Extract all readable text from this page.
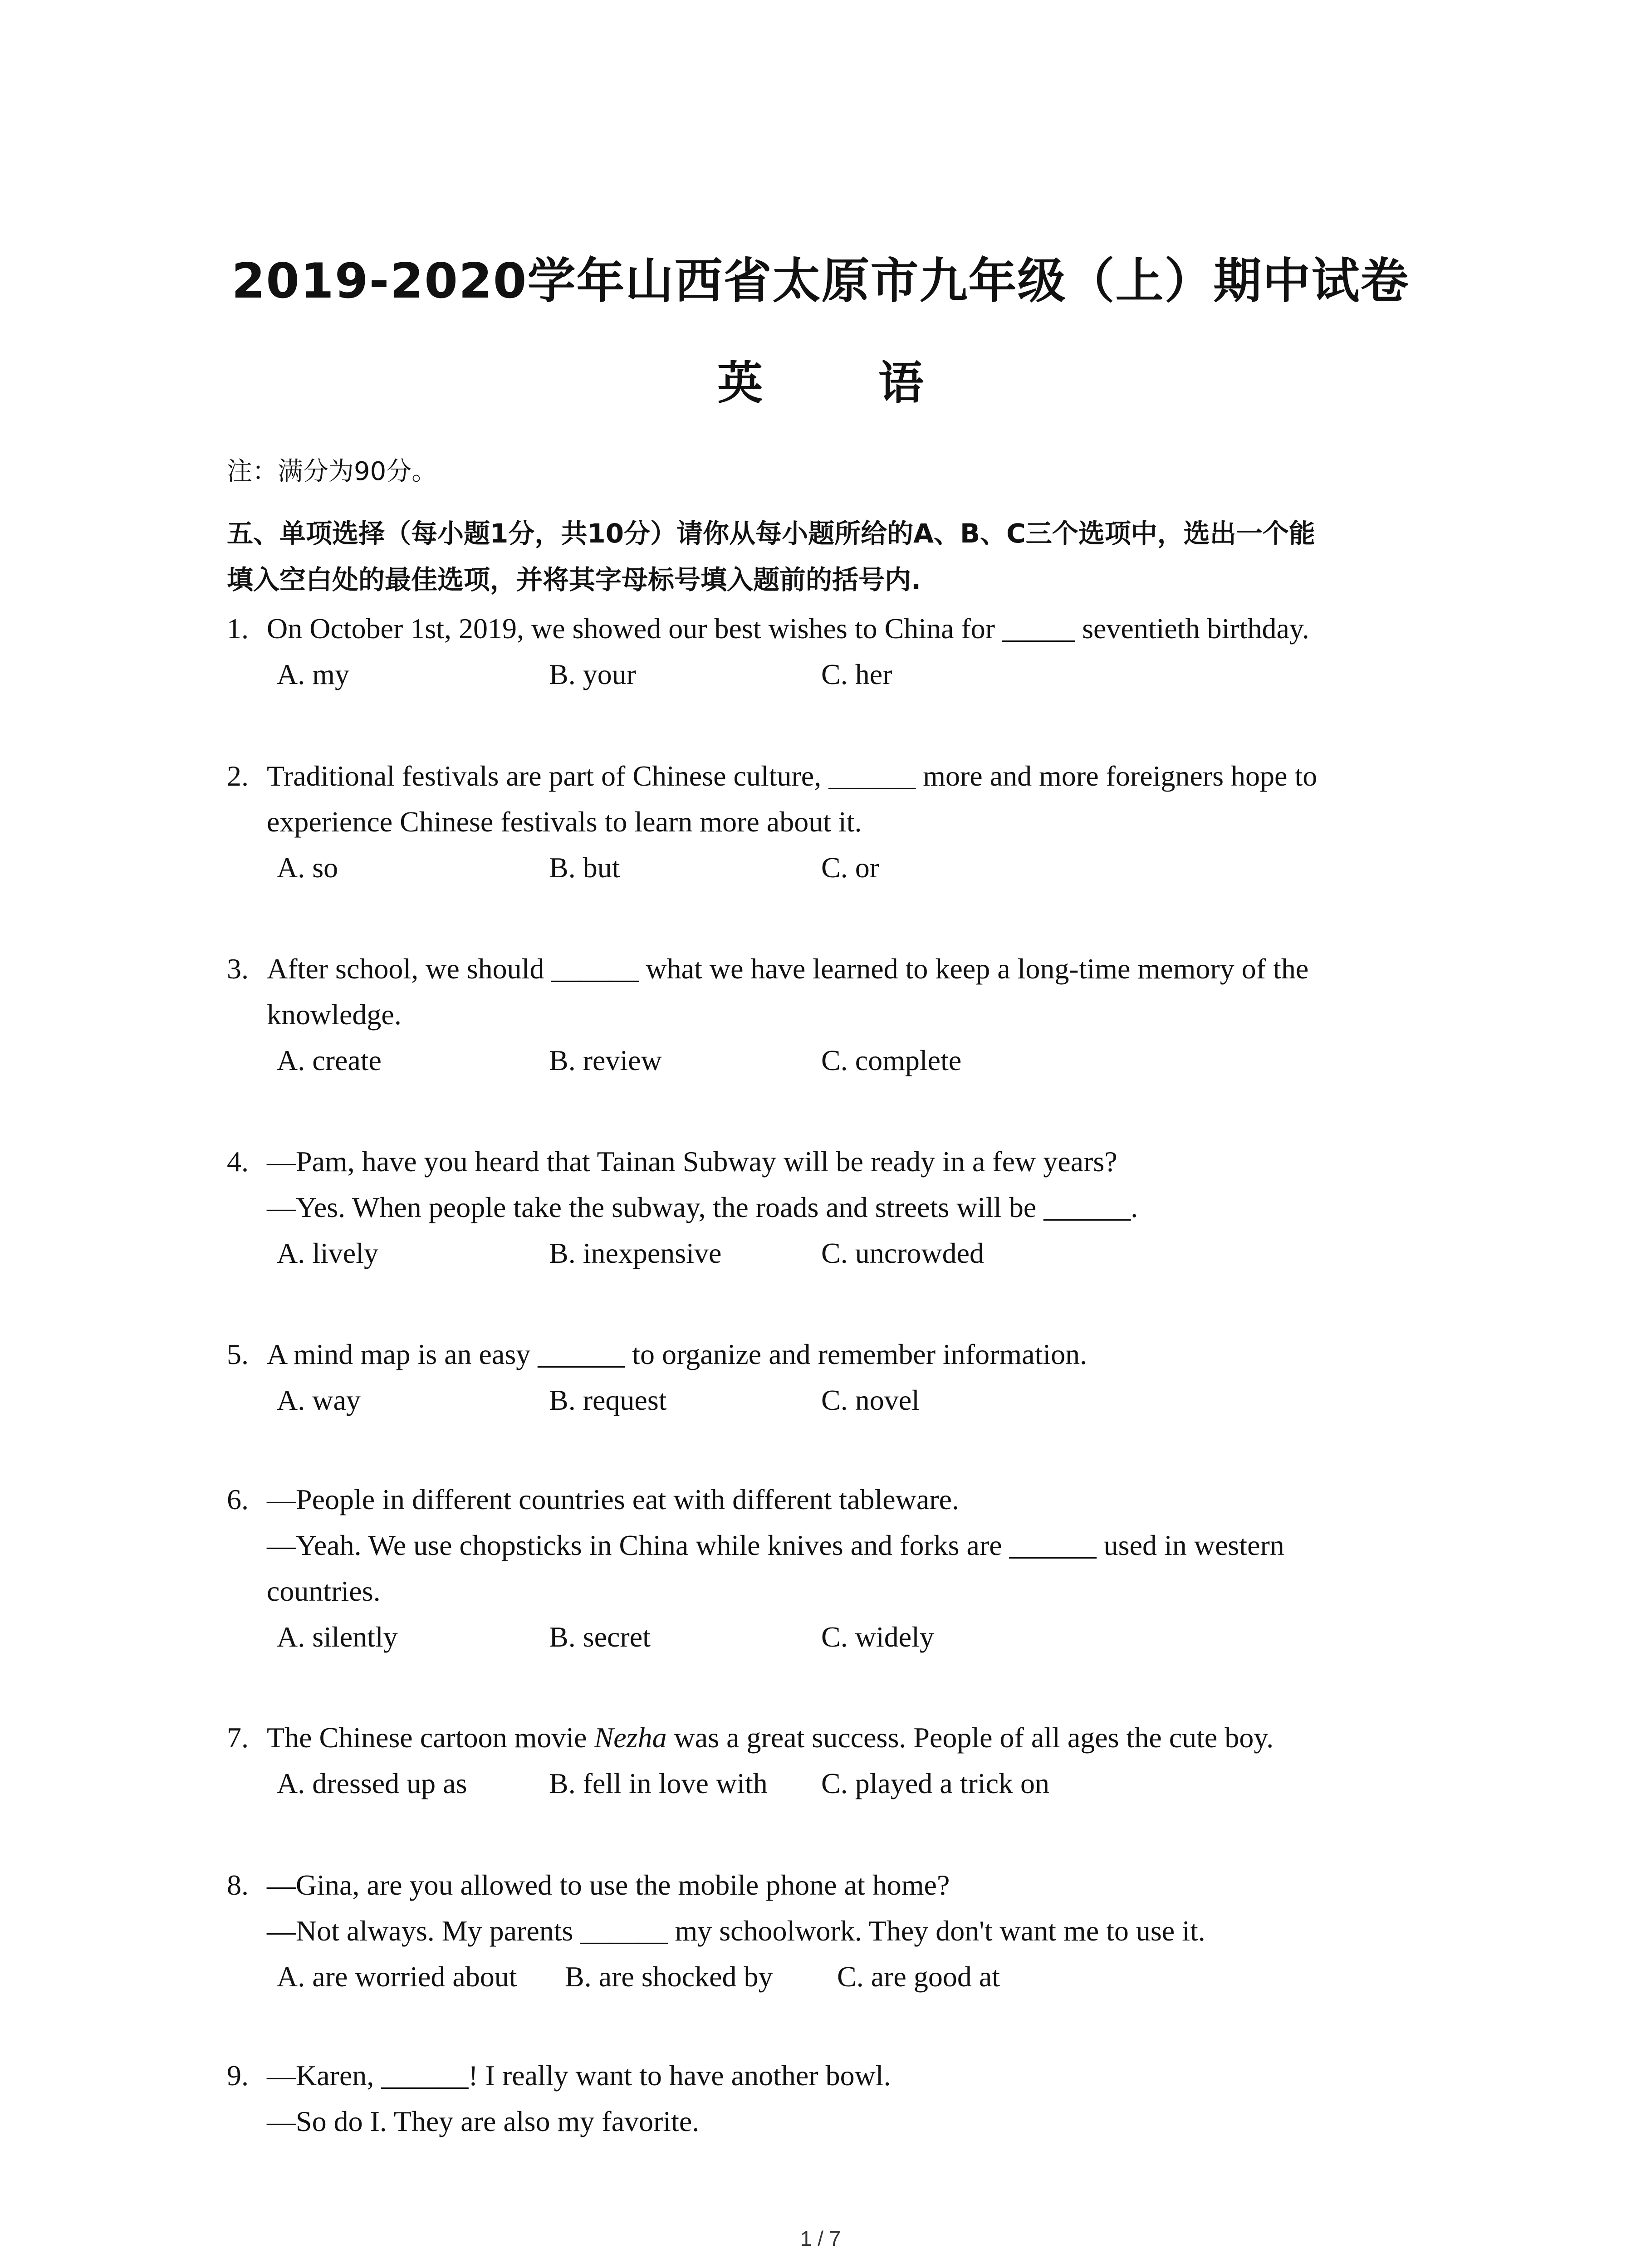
2019-2020学年山西省太原市九年级（上）期中试卷
英 语
注：满分为90分。
五、单项选择（每小题1分，共10分）请你从每小题所给的A、B、C三个选项中，选出一个能
填入空白处的最佳选项，并将其字母标号填入题前的括号内.
1. On October 1st, 2019, we showed our best wishes to China for _____ seventieth birthday.
A. my	B. your	C. her
2. Traditional festivals are part of Chinese culture, ______ more and more foreigners hope to
experience Chinese festivals to learn more about it.
A. so	B. but	C. or
3. After school, we should ______ what we have learned to keep a long-time memory of the
knowledge.
A. create	B. review	C. complete
4. —Pam, have you heard that Tainan Subway will be ready in a few years?
—Yes. When people take the subway, the roads and streets will be ______.
A. lively	B. inexpensive	C. uncrowded
5. A mind map is an easy ______ to organize and remember information.
A. way	B. request	C. novel
6. —People in different countries eat with different tableware.
—Yeah. We use chopsticks in China while knives and forks are ______ used in western
countries.
A. silently	B. secret	C. widely
7. The Chinese cartoon movie Nezha was a great success. People of all ages the cute boy.
A. dressed up as	B. fell in love with	C. played a trick on
8. —Gina, are you allowed to use the mobile phone at home?
—Not always. My parents ______ my schoolwork. They don't want me to use it.
A. are worried about	B. are shocked by	C. are good at
9. —Karen, ______! I really want to have another bowl.
—So do I. They are also my favorite.
1 / 7
